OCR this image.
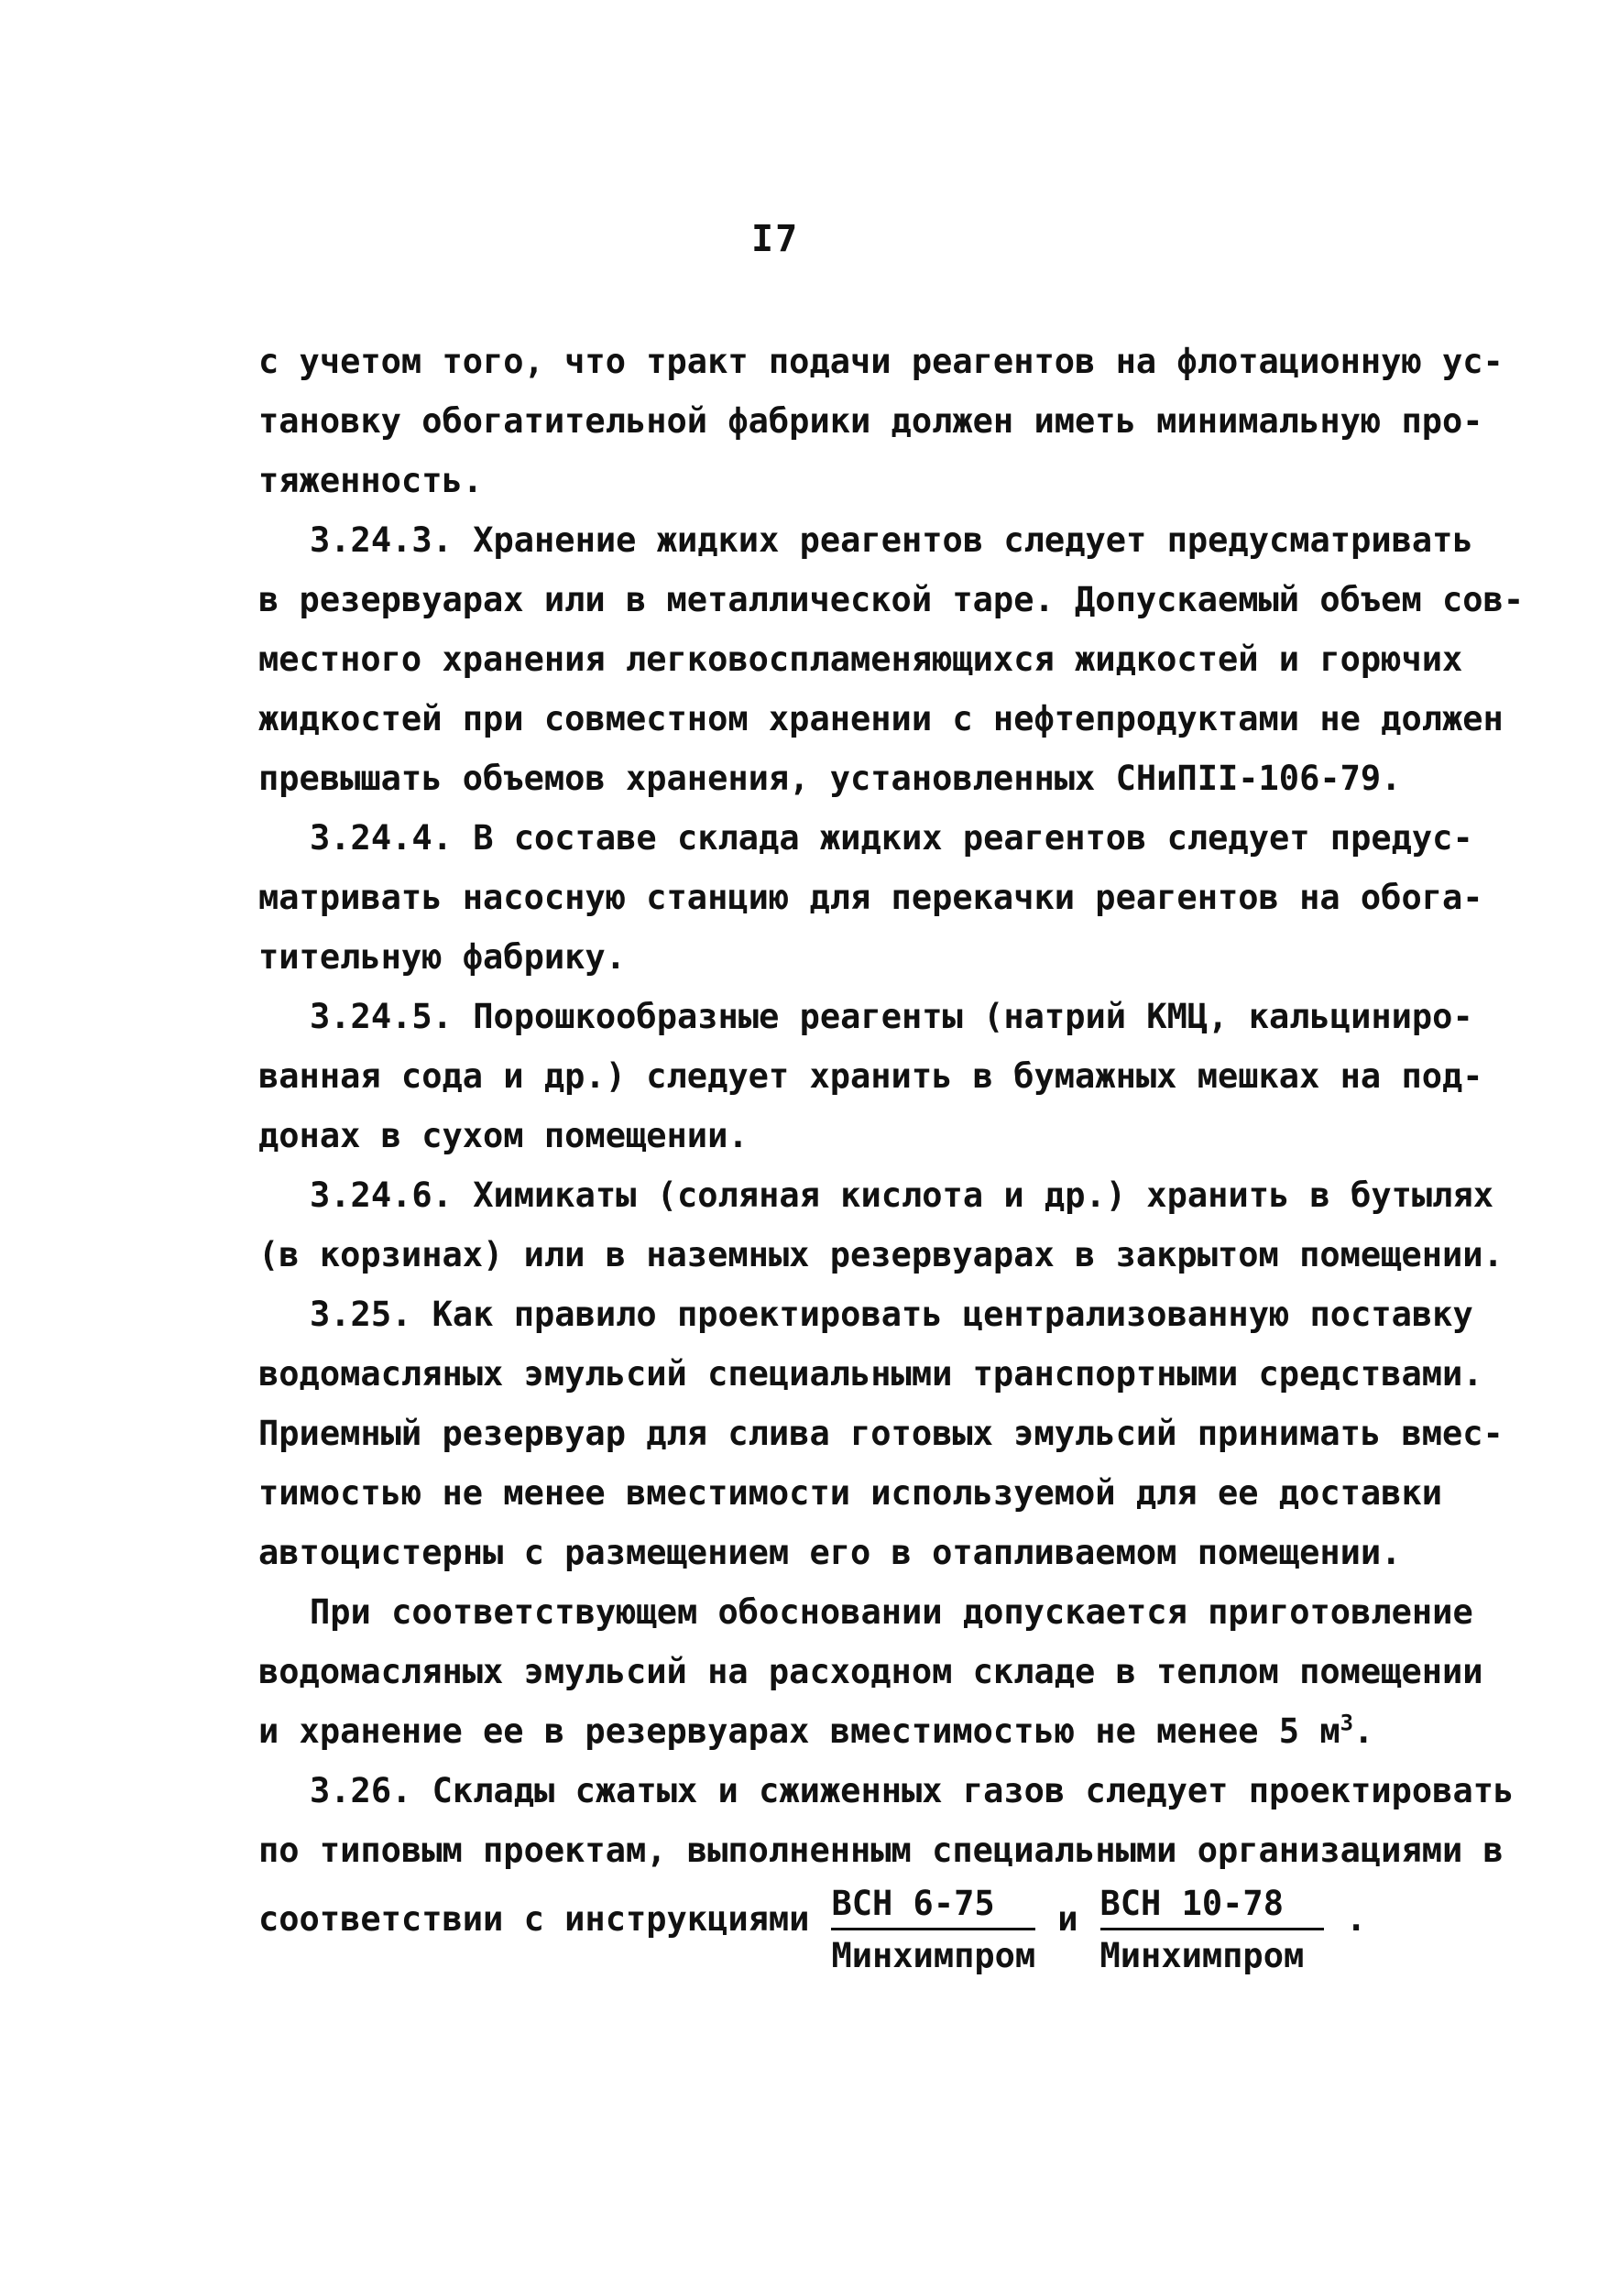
I7
с учетом того, что тракт подачи реагентов на флотационную ус-
тановку обогатительной фабрики должен иметь минимальную про-
тяженность.
3.24.3. Хранение жидких реагентов следует предусматривать
в резервуарах или в металлической таре. Допускаемый объем сов-
местного хранения легковоспламеняющихся жидкостей и горючих
жидкостей при совместном хранении с нефтепродуктами не должен
превышать объемов хранения, установленных СНиПII-106-79.
3.24.4. В составе склада жидких реагентов следует предус-
матривать насосную станцию для перекачки реагентов на обога-
тительную фабрику.
3.24.5. Порошкообразные реагенты (натрий КМЦ, кальциниро-
ванная сода и др.) следует хранить в бумажных мешках на под-
донах в сухом помещении.
3.24.6. Химикаты (соляная кислота и др.) хранить в бутылях
(в корзинах) или в наземных резервуарах в закрытом помещении.
3.25. Как правило проектировать централизованную поставку
водомасляных эмульсий специальными транспортными средствами.
Приемный резервуар для слива готовых эмульсий принимать вмес-
тимостью не менее вместимости используемой для ее доставки
автоцистерны с размещением его в отапливаемом помещении.
При соответствующем обосновании допускается приготовление
водомасляных эмульсий на расходном складе в теплом помещении
и хранение ее в резервуарах вместимостью не менее 5 $м^3$.
3.26. Склады сжатых и сжиженных газов следует проектировать
по типовым проектам, выполненным специальными организациями в
соответствии с инструкциями $\frac{\text{ВСН 6-75}}{\text{Минхимпром}}$ и $\frac{\text{ВСН 10-78}}{\text{Минхимпром}}$ .
